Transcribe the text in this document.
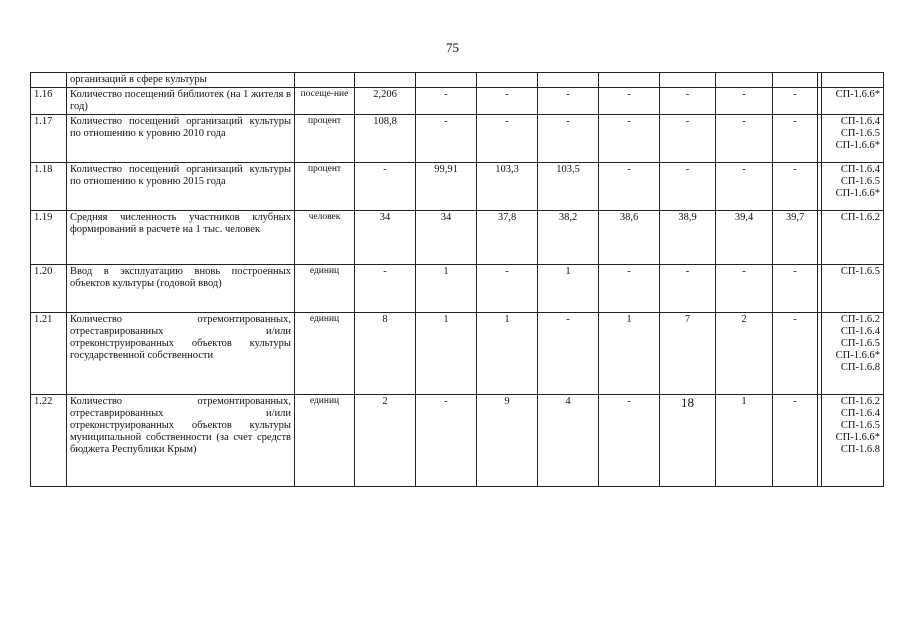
75
	организаций в сфере культуры											
1.16	Количество посещений библиотек (на 1 жителя в год)	посеще-ние	2,206	-	-	-	-	-	-	-		СП-1.6.6*

1.17	Количество посещений организаций культуры по отношению к уровню 2010 года	процент	108,8	-	-	-	-	-	-	-		СП-1.6.4
СП-1.6.5
СП-1.6.6*

1.18	Количество посещений организаций культуры по отношению к уровню 2015 года	процент	-	99,91	103,3	103,5	-	-	-	-		СП-1.6.4
СП-1.6.5
СП-1.6.6*

1.19	Средняя численность участников клубных формирований в расчете на 1 тыс. человек	человек	34	34	37,8	38,2	38,6	38,9	39,4	39,7		СП-1.6.2

1.20	Ввод в эксплуатацию вновь построенных объектов культуры (годовой ввод)	единиц	-	1	-	1	-	-	-	-		СП-1.6.5

1.21	Количество отремонтированных, отреставрированных и/или отреконструированных объектов культуры государственной собственности	единиц	8	1	1	-	1	7	2	-		СП-1.6.2
СП-1.6.4
СП-1.6.5
СП-1.6.6*
СП-1.6.8

1.22	Количество отремонтированных, отреставрированных и/или отреконструированных объектов культуры муниципальной собственности (за счет средств бюджета Республики Крым)	единиц	2	-	9	4	-	18	1	-		СП-1.6.2
СП-1.6.4
СП-1.6.5
СП-1.6.6*
СП-1.6.8
